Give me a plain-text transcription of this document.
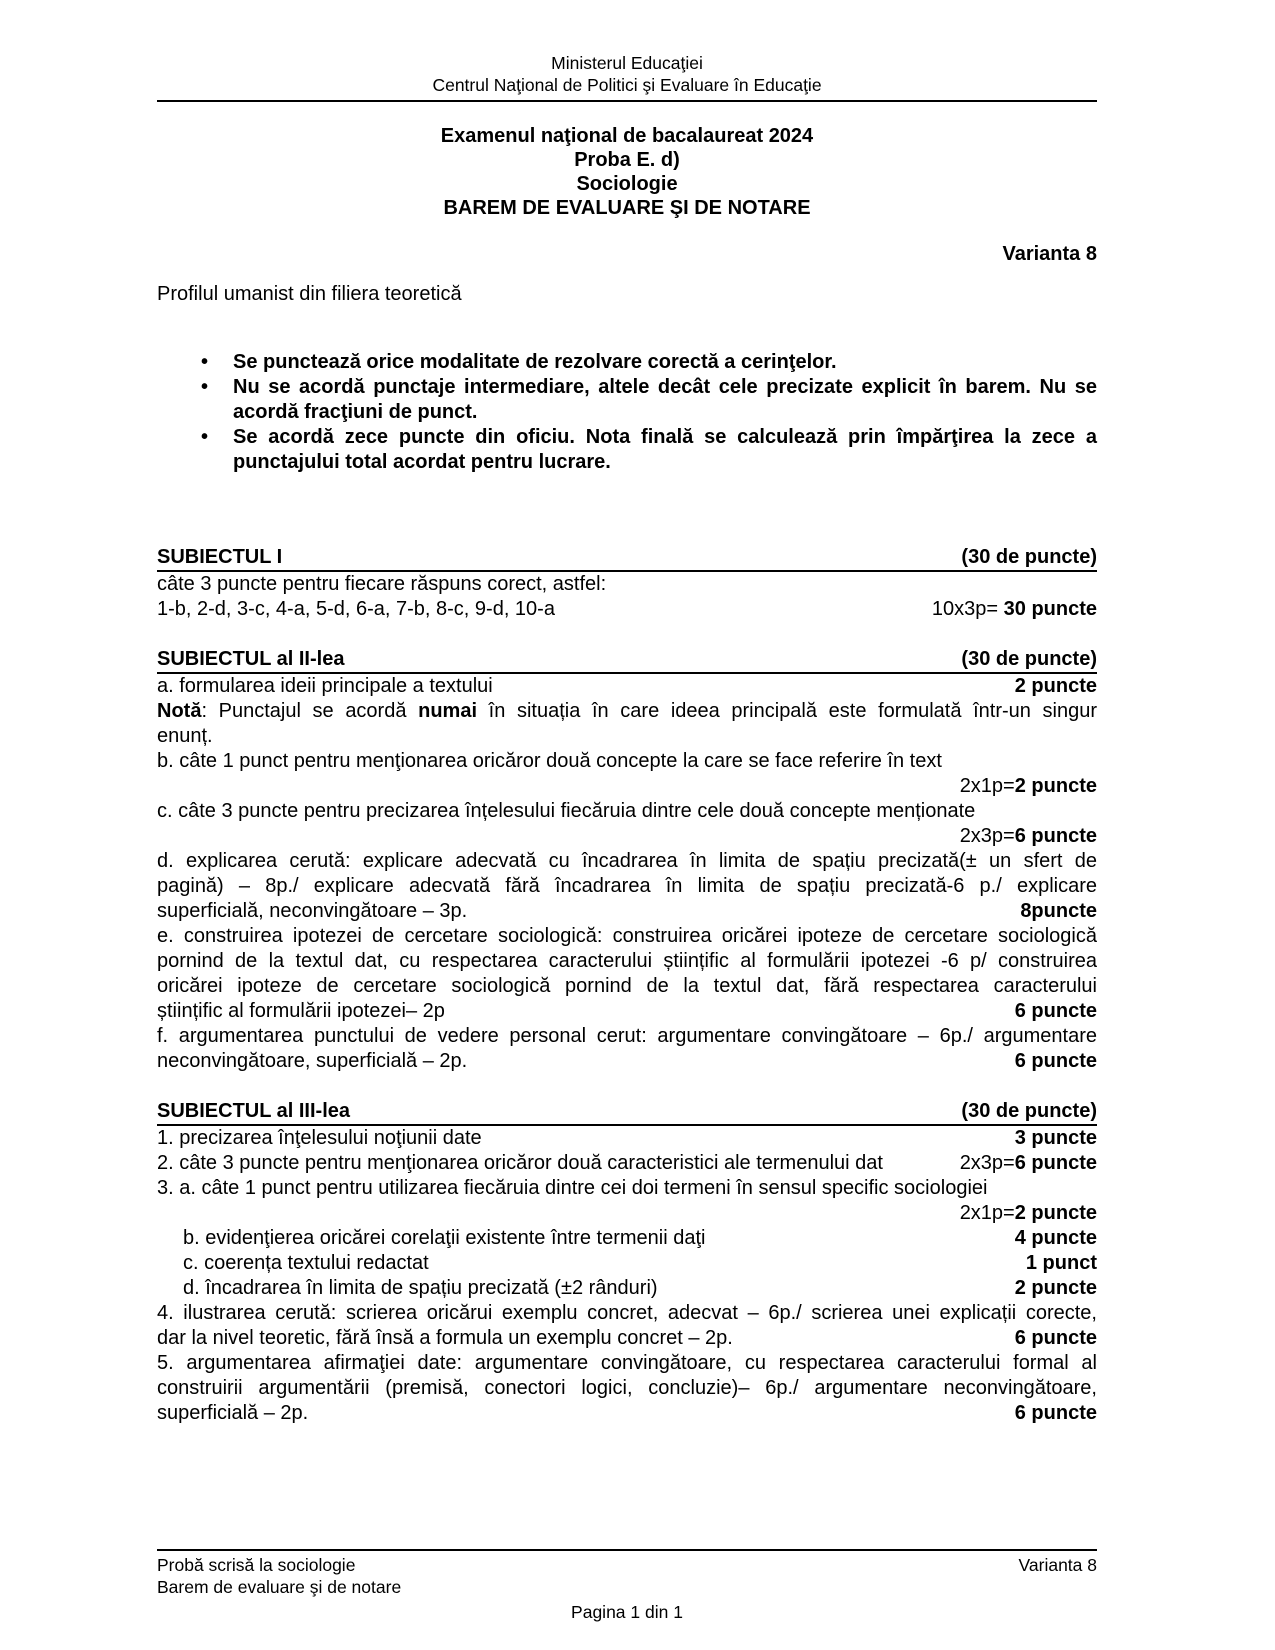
Ministerul Educaţiei
Centrul Naţional de Politici şi Evaluare în Educaţie
Examenul naţional de bacalaureat 2024
Proba E. d)
Sociologie
BAREM DE EVALUARE ŞI DE NOTARE
Varianta 8
Profilul umanist din filiera teoretică
• Se punctează orice modalitate de rezolvare corectă a cerinţelor.
• Nu se acordă punctaje intermediare, altele decât cele precizate explicit în barem. Nu se acordă fracţiuni de punct.
• Se acordă zece puncte din oficiu. Nota finală se calculează prin împărţirea la zece a punctajului total acordat pentru lucrare.
SUBIECTUL I	(30 de puncte)
câte 3 puncte pentru fiecare răspuns corect, astfel:
1-b, 2-d, 3-c, 4-a, 5-d, 6-a, 7-b, 8-c, 9-d, 10-a	10x3p= 30 puncte
SUBIECTUL al II-lea	(30 de puncte)
a. formularea ideii principale a textului	2 puncte
Notă: Punctajul se acordă numai în situația în care ideea principală este formulată într-un singur
enunț.
b. câte 1 punct pentru menţionarea oricăror două concepte la care se face referire în text
2x1p=2 puncte
c. câte 3 puncte pentru precizarea înțelesului fiecăruia dintre cele două concepte menționate
2x3p=6 puncte
d. explicarea cerută: explicare adecvată cu încadrarea în limita de spațiu precizată(± un sfert de
pagină) – 8p./ explicare adecvată fără încadrarea în limita de spațiu precizată-6 p./ explicare
superficială, neconvingătoare – 3p.	8puncte
e. construirea ipotezei de cercetare sociologică: construirea oricărei ipoteze de cercetare sociologică
pornind de la textul dat, cu respectarea caracterului științific al formulării ipotezei -6 p/ construirea
oricărei ipoteze de cercetare sociologică pornind de la textul dat, fără respectarea caracterului
științific al formulării ipotezei– 2p	6 puncte
f. argumentarea punctului de vedere personal cerut: argumentare convingătoare – 6p./ argumentare
neconvingătoare, superficială – 2p.	6 puncte
SUBIECTUL al III-lea	(30 de puncte)
1. precizarea înţelesului noţiunii date	3 puncte
2. câte 3 puncte pentru menţionarea oricăror două caracteristici ale termenului dat	2x3p=6 puncte
3. a. câte 1 punct pentru utilizarea fiecăruia dintre cei doi termeni în sensul specific sociologiei
2x1p=2 puncte
b. evidenţierea oricărei corelaţii existente între termenii daţi	4 puncte
c. coerența textului redactat	1 punct
d. încadrarea în limita de spațiu precizată (±2 rânduri)	2 puncte
4. ilustrarea cerută: scrierea oricărui exemplu concret, adecvat – 6p./ scrierea unei explicații corecte,
dar la nivel teoretic, fără însă a formula un exemplu concret – 2p.	6 puncte
5. argumentarea afirmaţiei date: argumentare convingătoare, cu respectarea caracterului formal al
construirii argumentării (premisă, conectori logici, concluzie)– 6p./ argumentare neconvingătoare,
superficială – 2p.	6 puncte
Probă scrisă la sociologie	Varianta 8
Barem de evaluare şi de notare
Pagina 1 din 1
